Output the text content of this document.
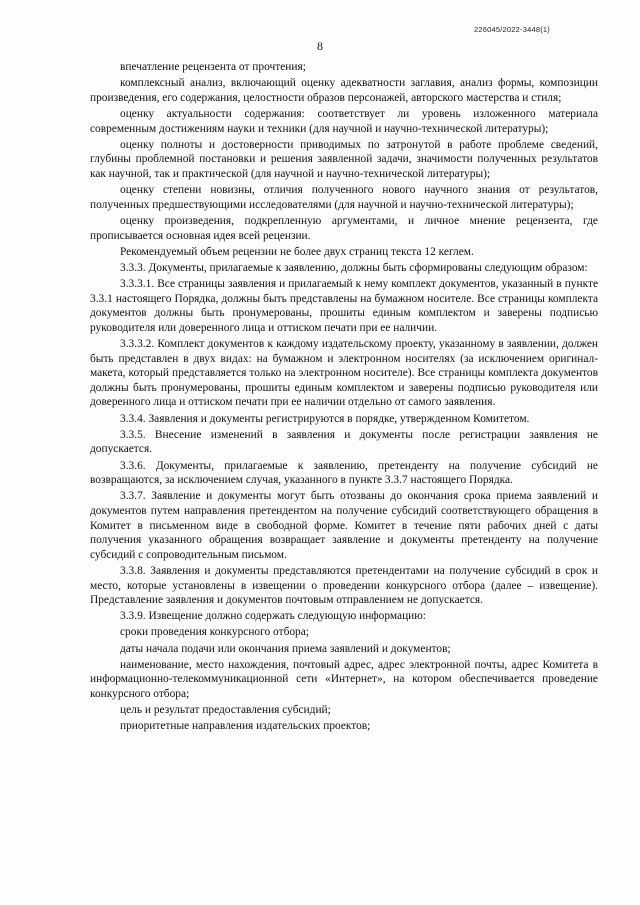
226045/2022-3448(1)
8

впечатление рецензента от прочтения;

комплексный анализ, включающий оценку адекватности заглавия, анализ формы, композиции произведения, его содержания, целостности образов персонажей, авторского мастерства и стиля;

оценку актуальности содержания: соответствует ли уровень изложенного материала современным достижениям науки и техники (для научной и научно-технической литературы);

оценку полноты и достоверности приводимых по затронутой в работе проблеме сведений, глубины проблемной постановки и решения заявленной задачи, значимости полученных результатов как научной, так и практической (для научной и научно-технической литературы);

оценку степени новизны, отличия полученного нового научного знания от результатов, полученных предшествующими исследователями (для научной и научно-технической литературы);

оценку произведения, подкрепленную аргументами, и личное мнение рецензента, где прописывается основная идея всей рецензии.

Рекомендуемый объем рецензии не более двух страниц текста 12 кеглем.

3.3.3. Документы, прилагаемые к заявлению, должны быть сформированы следующим образом:

3.3.3.1. Все страницы заявления и прилагаемый к нему комплект документов, указанный в пункте 3.3.1 настоящего Порядка, должны быть представлены на бумажном носителе. Все страницы комплекта документов должны быть пронумерованы, прошиты единым комплектом и заверены подписью руководителя или доверенного лица и оттиском печати при ее наличии.

3.3.3.2. Комплект документов к каждому издательскому проекту, указанному в заявлении, должен быть представлен в двух видах: на бумажном и электронном носителях (за исключением оригинал-макета, который представляется только на электронном носителе). Все страницы комплекта документов должны быть пронумерованы, прошиты единым комплектом и заверены подписью руководителя или доверенного лица и оттиском печати при ее наличии отдельно от самого заявления.

3.3.4. Заявления и документы регистрируются в порядке, утвержденном Комитетом.

3.3.5. Внесение изменений в заявления и документы после регистрации заявления не допускается.

3.3.6. Документы, прилагаемые к заявлению, претенденту на получение субсидий не возвращаются, за исключением случая, указанного в пункте 3.3.7 настоящего Порядка.

3.3.7. Заявление и документы могут быть отозваны до окончания срока приема заявлений и документов путем направления претендентом на получение субсидий соответствующего обращения в Комитет в письменном виде в свободной форме. Комитет в течение пяти рабочих дней с даты получения указанного обращения возвращает заявление и документы претенденту на получение субсидий с сопроводительным письмом.

3.3.8. Заявления и документы представляются претендентами на получение субсидий в срок и место, которые установлены в извещении о проведении конкурсного отбора (далее – извещение). Представление заявления и документов почтовым отправлением не допускается.

3.3.9. Извещение должно содержать следующую информацию:

сроки проведения конкурсного отбора;

даты начала подачи или окончания приема заявлений и документов;

наименование, место нахождения, почтовый адрес, адрес электронной почты, адрес Комитета в информационно-телекоммуникационной сети «Интернет», на котором обеспечивается проведение конкурсного отбора;

цель и результат предоставления субсидий;

приоритетные направления издательских проектов;
